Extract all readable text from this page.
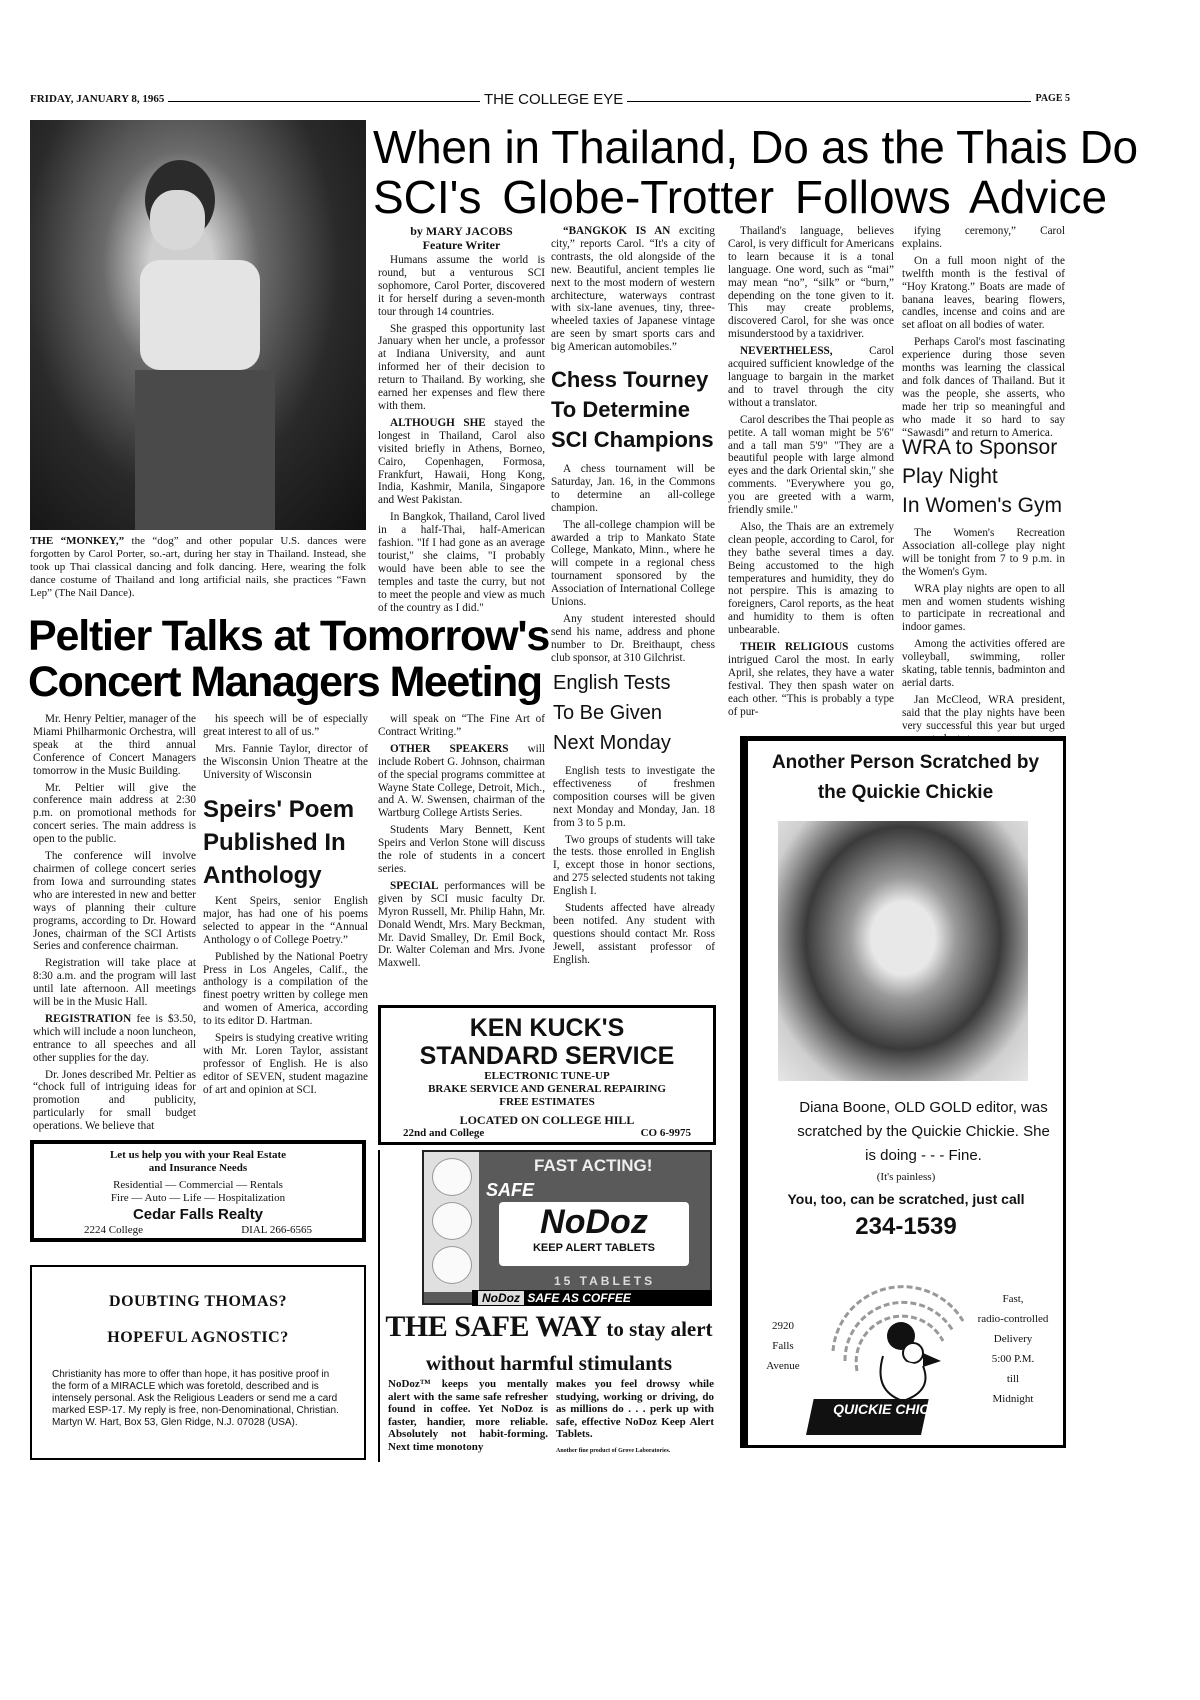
FRIDAY, JANUARY 8, 1965	THE COLLEGE EYE	PAGE 5
THE “MONKEY,” the “dog” and other popular U.S. dances were forgotten by Carol Porter, so.-art, during her stay in Thailand. Instead, she took up Thai classical dancing and folk dancing. Here, wearing the folk dance costume of Thailand and long artificial nails, she practices “Fawn Lep” (The Nail Dance).
When in Thailand, Do as the Thais Do
SCI's Globe-Trotter Follows Advice
by MARY JACOBS
Feature Writer

Humans assume the world is round, but a venturous SCI sophomore, Carol Porter, discovered it for herself during a seven-month tour through 14 countries.

She grasped this opportunity last January when her uncle, a professor at Indiana University, and aunt informed her of their decision to return to Thailand. By working, she earned her expenses and flew there with them.

ALTHOUGH SHE stayed the longest in Thailand, Carol also visited briefly in Athens, Borneo, Cairo, Copenhagen, Formosa, Frankfurt, Hawaii, Hong Kong, India, Kashmir, Manila, Singapore and West Pakistan.

In Bangkok, Thailand, Carol lived in a half-Thai, half-American fashion. "If I had gone as an average tourist," she claims, "I probably would have been able to see the temples and taste the curry, but not to meet the people and view as much of the country as I did."

“BANGKOK IS AN exciting city,” reports Carol. “It's a city of contrasts, the old alongside of the new. Beautiful, ancient temples lie next to the most modern of western architecture, waterways contrast with six-lane avenues, tiny, three-wheeled taxies of Japanese vintage are seen by smart sports cars and big American automobiles.”

Chess Tourney
To Determine
SCI Champions

A chess tournament will be Saturday, Jan. 16, in the Commons to determine an all-college champion.

The all-college champion will be awarded a trip to Mankato State College, Mankato, Minn., where he will compete in a regional chess tournament sponsored by the Association of International College Unions.

Any student interested should send his name, address and phone number to Dr. Breithaupt, chess club sponsor, at 310 Gilchrist.

Thailand's language, believes Carol, is very difficult for Americans to learn because it is a tonal language. One word, such as “mai” may mean “no”, “silk” or “burn,” depending on the tone given to it. This may create problems, discovered Carol, for she was once misunderstood by a taxidriver.

NEVERTHELESS, Carol acquired sufficient knowledge of the language to bargain in the market and to travel through the city without a translator.

Carol describes the Thai people as petite. A tall woman might be 5'6" and a tall man 5'9" "They are a beautiful people with large almond eyes and the dark Oriental skin," she comments. "Everywhere you go, you are greeted with a warm, friendly smile."

Also, the Thais are an extremely clean people, according to Carol, for they bathe several times a day. Being accustomed to the high temperatures and humidity, they do not perspire. This is amazing to foreigners, Carol reports, as the heat and humidity to them is often unbearable.

THEIR RELIGIOUS customs intrigued Carol the most. In early April, she relates, they have a water festival. They then spash water on each other. “This is probably a type of pur-

ifying ceremony,” Carol explains.

On a full moon night of the twelfth month is the festival of “Hoy Kratong.” Boats are made of banana leaves, bearing flowers, candles, incense and coins and are set afloat on all bodies of water.

Perhaps Carol's most fascinating experience during those seven months was learning the classical and folk dances of Thailand. But it was the people, she asserts, who made her trip so meaningful and who made it so hard to say “Sawasdi” and return to America.

WRA to Sponsor
Play Night
In Women's Gym

The Women's Recreation Association all-college play night will be tonight from 7 to 9 p.m. in the Women's Gym.

WRA play nights are open to all men and women students wishing to participate in recreational and indoor games.

Among the activities offered are volleyball, swimming, roller skating, table tennis, badminton and aerial darts.

Jan McCleod, WRA president, said that the play nights have been very successful this year but urged

Peltier Talks at Tomorrow's
Concert Managers Meeting

Mr. Henry Peltier, manager of the Miami Philharmonic Orchestra, will speak at the third annual Conference of Concert Managers tomorrow in the Music Building.

Mr. Peltier will give the conference main address at 2:30 p.m. on promotional methods for concert series. The main address is open to the public.

The conference will involve chairmen of college concert series from Iowa and surrounding states who are interested in new and better ways of planning their culture programs, according to Dr. Howard Jones, chairman of the SCI Artists Series and conference chairman.

Registration will take place at 8:30 a.m. and the program will last until late afternoon. All meetings will be in the Music Hall.

REGISTRATION fee is $3.50, which will include a noon luncheon, entrance to all speeches and all other supplies for the day.

Dr. Jones described Mr. Peltier as “chock full of intriguing ideas for promotion and publicity, particularly for small budget operations. We believe that

his speech will be of especially great interest to all of us.”

Mrs. Fannie Taylor, director of the Wisconsin Union Theatre at the University of Wisconsin

Speirs' Poem
Published In
Anthology

Kent Speirs, senior English major, has had one of his poems selected to appear in the “Annual Anthology o of College Poetry.”

Published by the National Poetry Press in Los Angeles, Calif., the anthology is a compilation of the finest poetry written by college men and women of America, according to its editor D. Hartman.

Speirs is studying creative writing with Mr. Loren Taylor, assistant professor of English. He is also editor of SEVEN, student magazine of art and opinion at SCI.

will speak on “The Fine Art of Contract Writing.”

OTHER SPEAKERS will include Robert G. Johnson, chairman of the special programs committee at Wayne State College, Detroit, Mich., and A. W. Swensen, chairman of the Wartburg College Artists Series.

Students Mary Bennett, Kent Speirs and Verlon Stone will discuss the role of students in a concert series.

SPECIAL performances will be given by SCI music faculty Dr. Myron Russell, Mr. Philip Hahn, Mr. Donald Wendt, Mrs. Mary Beckman, Mr. David Smalley, Dr. Emil Bock, Dr. Walter Coleman and Mrs. Jvone Maxwell.

English Tests
To Be Given
Next Monday

English tests to investigate the effectiveness of freshmen composition courses will be given next Monday and Monday, Jan. 18 from 3 to 5 p.m.

Two groups of students will take the tests. those enrolled in English I, except those in honor sections, and 275 selected students not taking English I.

Students affected have already been notifed. Any student with questions should contact Mr. Ross Jewell, assistant professor of English.

KEN KUCK'S
STANDARD SERVICE
ELECTRONIC TUNE-UP
BRAKE SERVICE AND GENERAL REPAIRING
FREE ESTIMATES
LOCATED ON COLLEGE HILL
22nd and College	CO 6-9975
Let us help you with your Real Estate and Insurance Needs
Residential — Commercial — Rentals
Fire — Auto — Life — Hospitalization
Cedar Falls Realty
2224 College	DIAL 266-6565
DOUBTING THOMAS?
HOPEFUL AGNOSTIC?
Christianity has more to offer than hope, it has positive proof in the form of a MIRACLE which was foretold, described and is intensely personal. Ask the Religious Leaders or send me a card marked ESP-17. My reply is free, non-Denominational, Christian. Martyn W. Hart, Box 53, Glen Ridge, N.J. 07028 (USA).
FAST ACTING!
SAFE
NoDoz
KEEP ALERT TABLETS
15 TABLETS
NoDoz SAFE AS COFFEE
THE SAFE WAY to stay alert
without harmful stimulants
NoDoz™ keeps you mentally alert with the same safe refresher found in coffee. Yet NoDoz is faster, handier, more reliable. Absolutely not habit-forming. Next time monotony
makes you feel drowsy while studying, working or driving, do as millions do . . . perk up with safe, effective NoDoz Keep Alert Tablets.
Another fine product of Grove Laboratories.
Another Person Scratched by the Quickie Chickie
Diana Boone, OLD GOLD editor, was scratched by the Quickie Chickie. She is doing - - - Fine.
(It's painless)
You, too, can be scratched, just call
234-1539
2920
Falls
Avenue
QUICKIE CHICKIE
Fast,
radio-controlled
Delivery
5:00 P.M.
till
Midnight
